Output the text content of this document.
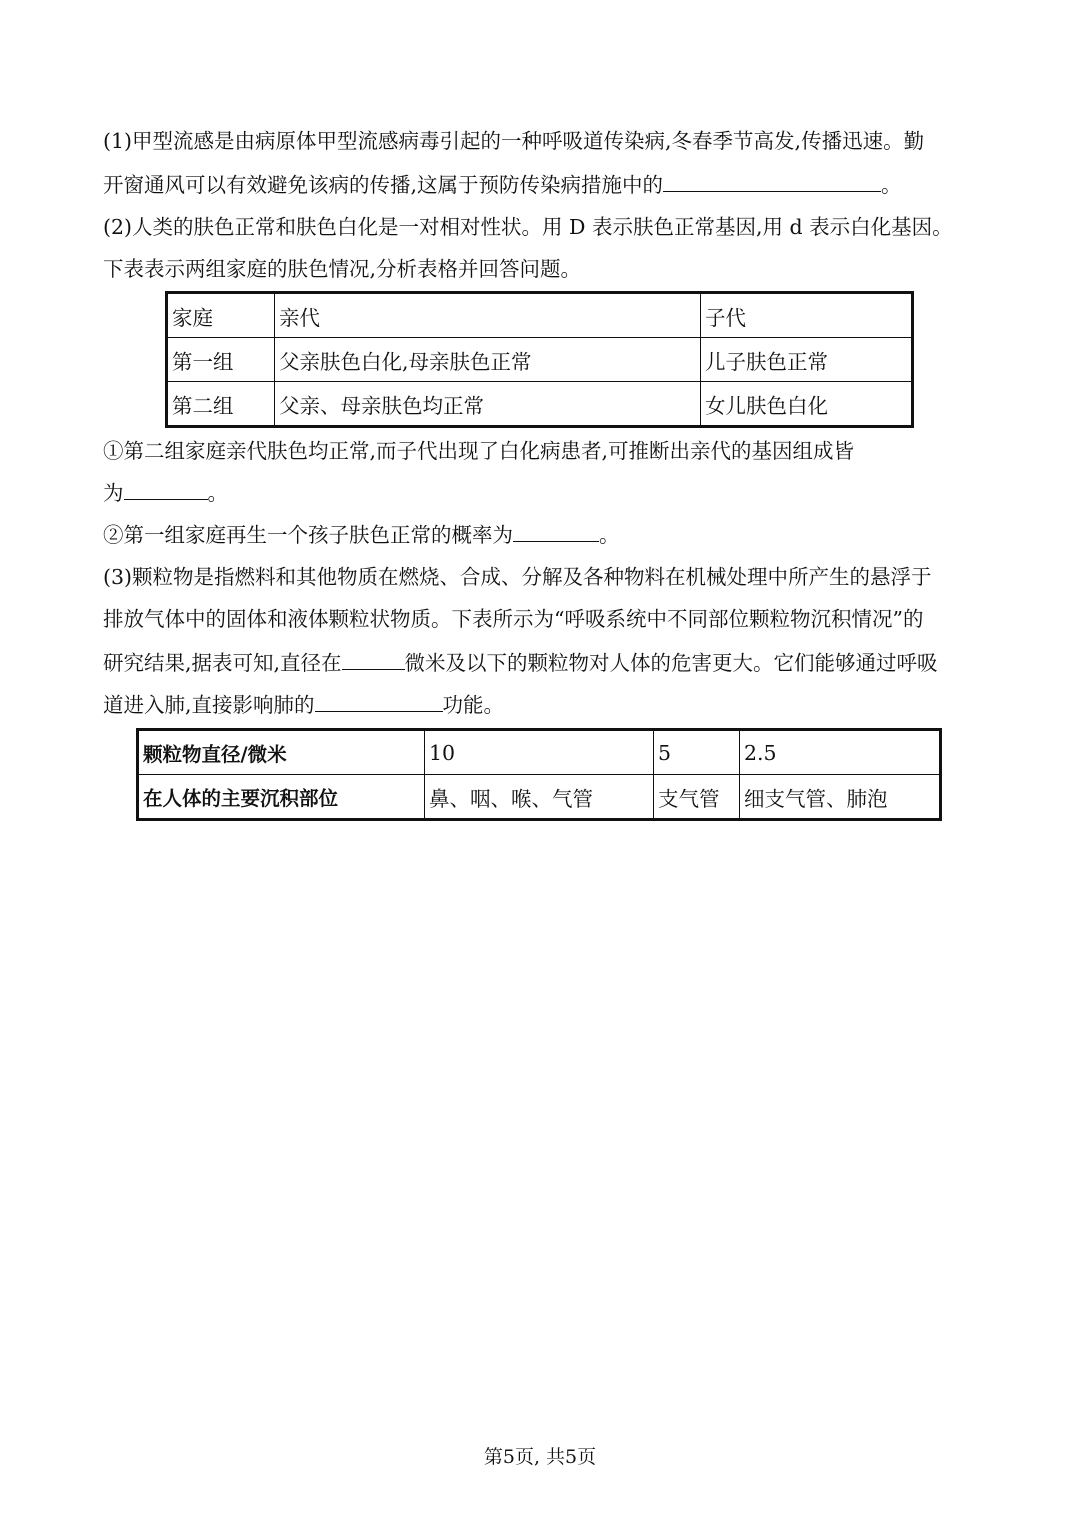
(1)甲型流感是由病原体甲型流感病毒引起的一种呼吸道传染病,冬春季节高发,传播迅速。勤
开窗通风可以有效避免该病的传播,这属于预防传染病措施中的	。
(2)人类的肤色正常和肤色白化是一对相对性状。用 D 表示肤色正常基因,用 d 表示白化基因。
下表表示两组家庭的肤色情况,分析表格并回答问题。
家庭	亲代	子代
第一组	父亲肤色白化,母亲肤色正常	儿子肤色正常
第二组	父亲、母亲肤色均正常	女儿肤色白化
①第二组家庭亲代肤色均正常,而子代出现了白化病患者,可推断出亲代的基因组成皆
为	。
②第一组家庭再生一个孩子肤色正常的概率为	。
(3)颗粒物是指燃料和其他物质在燃烧、合成、分解及各种物料在机械处理中所产生的悬浮于
排放气体中的固体和液体颗粒状物质。下表所示为“呼吸系统中不同部位颗粒物沉积情况”的
研究结果,据表可知,直径在	微米及以下的颗粒物对人体的危害更大。它们能够通过呼吸
道进入肺,直接影响肺的	功能。
颗粒物直径/微米	10	5	2.5
在人体的主要沉积部位	鼻、咽、喉、气管	支气管	细支气管、肺泡
第5页, 共5页
